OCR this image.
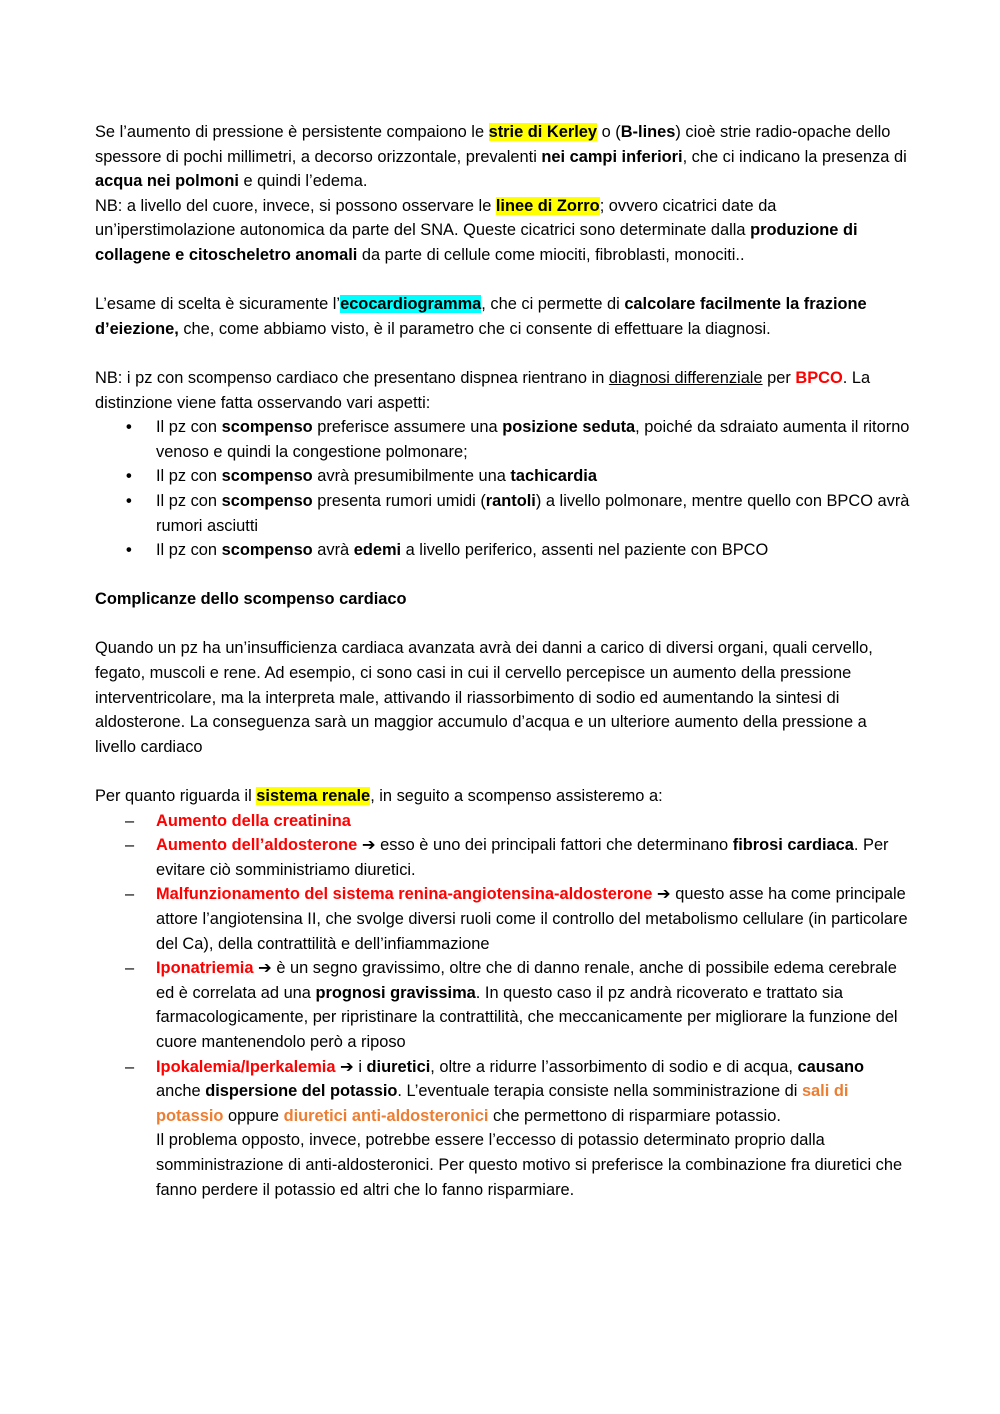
Se l’aumento di pressione è persistente compaiono le strie di Kerley o (B-lines) cioè strie radio-opache dello spessore di pochi millimetri, a decorso orizzontale, prevalenti nei campi inferiori, che ci indicano la presenza di acqua nei polmoni e quindi l’edema.

NB: a livello del cuore, invece, si possono osservare le linee di Zorro; ovvero cicatrici date da un’iperstimolazione autonomica da parte del SNA. Queste cicatrici sono determinate dalla produzione di collagene e citoscheletro anomali da parte di cellule come miociti, fibroblasti, monociti..

L’esame di scelta è sicuramente l’ecocardiogramma, che ci permette di calcolare facilmente la frazione d’eiezione, che, come abbiamo visto, è il parametro che ci consente di effettuare la diagnosi.

NB: i pz con scompenso cardiaco che presentano dispnea rientrano in diagnosi differenziale per BPCO. La distinzione viene fatta osservando vari aspetti:

• Il pz con scompenso preferisce assumere una posizione seduta, poiché da sdraiato aumenta il ritorno venoso e quindi la congestione polmonare;
• Il pz con scompenso avrà presumibilmente una tachicardia
• Il pz con scompenso presenta rumori umidi (rantoli) a livello polmonare, mentre quello con BPCO avrà rumori asciutti
• Il pz con scompenso avrà edemi a livello periferico, assenti nel paziente con BPCO

Complicanze dello scompenso cardiaco

Quando un pz ha un’insufficienza cardiaca avanzata avrà dei danni a carico di diversi organi, quali cervello, fegato, muscoli e rene. Ad esempio, ci sono casi in cui il cervello percepisce un aumento della pressione interventricolare, ma la interpreta male, attivando il riassorbimento di sodio ed aumentando la sintesi di aldosterone. La conseguenza sarà un maggior accumulo d’acqua e un ulteriore aumento della pressione a livello cardiaco

Per quanto riguarda il sistema renale, in seguito a scompenso assisteremo a:

– Aumento della creatinina
– Aumento dell’aldosterone ➔ esso è uno dei principali fattori che determinano fibrosi cardiaca. Per evitare ciò somministriamo diuretici.
– Malfunzionamento del sistema renina-angiotensina-aldosterone ➔ questo asse ha come principale attore l’angiotensina II, che svolge diversi ruoli come il controllo del metabolismo cellulare (in particolare del Ca), della contrattilità e dell’infiammazione
– Iponatriemia ➔ è un segno gravissimo, oltre che di danno renale, anche di possibile edema cerebrale ed è correlata ad una prognosi gravissima. In questo caso il pz andrà ricoverato e trattato sia farmacologicamente, per ripristinare la contrattilità, che meccanicamente per migliorare la funzione del cuore mantenendolo però a riposo
– Ipokalemia/Iperkalemia ➔ i diuretici, oltre a ridurre l’assorbimento di sodio e di acqua, causano anche dispersione del potassio. L’eventuale terapia consiste nella somministrazione di sali di potassio oppure diuretici anti-aldosteronici che permettono di risparmiare potassio.

Il problema opposto, invece, potrebbe essere l’eccesso di potassio determinato proprio dalla somministrazione di anti-aldosteronici. Per questo motivo si preferisce la combinazione fra diuretici che fanno perdere il potassio ed altri che lo fanno risparmiare.
